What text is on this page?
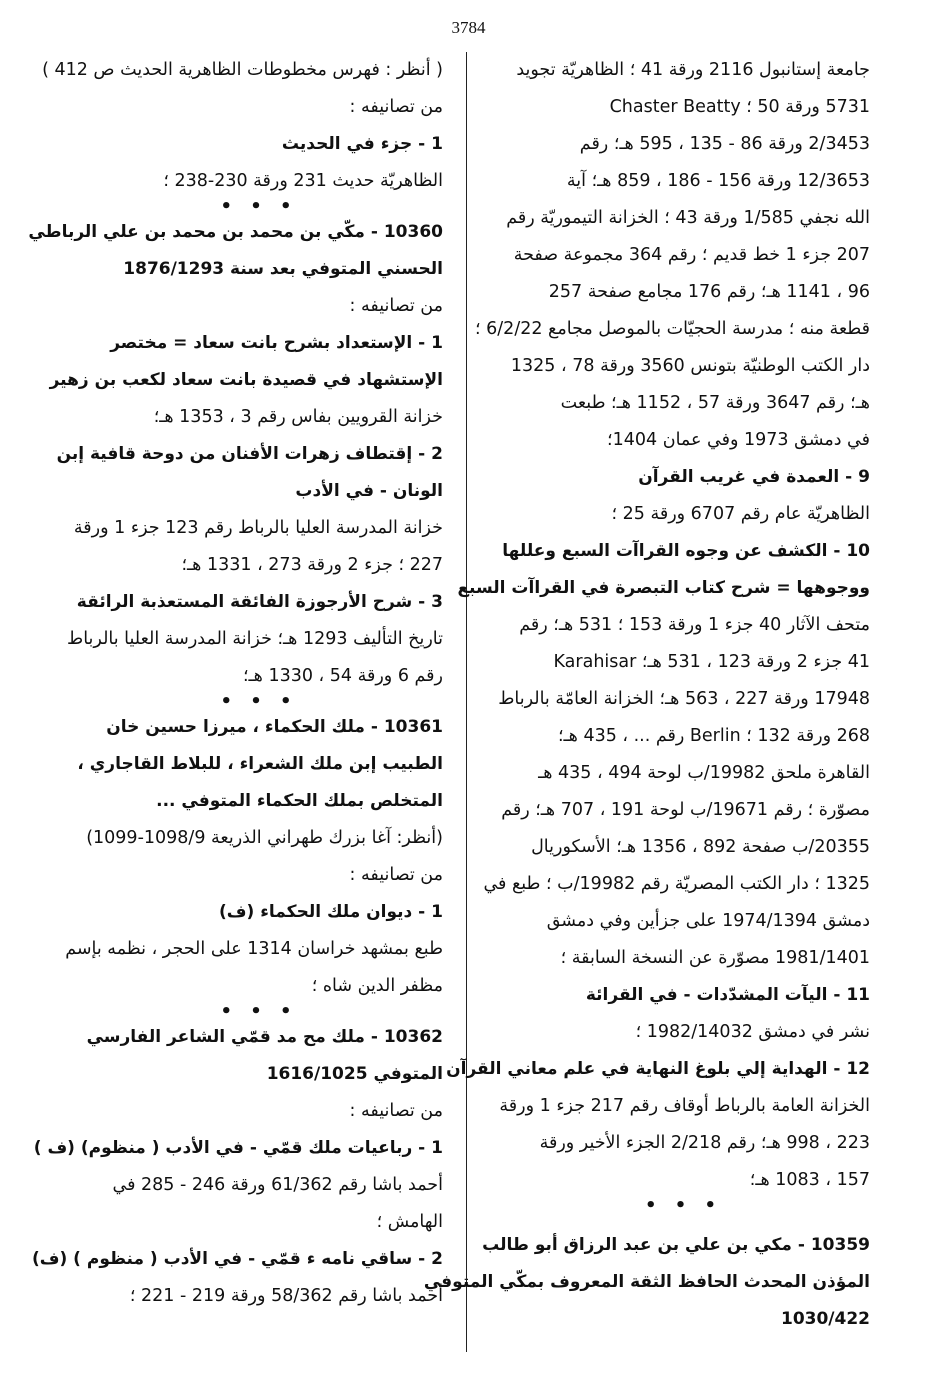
3784
جامعة إستانبول 2116 ورقة 41 ؛ الظاهريّة تجويد
5731 ورقة 50 ؛ Chaster Beatty
2/3453 ورقة 86 - 135 ، 595 هـ؛ رقم
12/3653 ورقة 156 - 186 ، 859 هـ؛ آية
الله نجفي 1/585 ورقة 43 ؛ الخزانة التيموريّة رقم
207 جزء 1 خط قديم ؛ رقم 364 مجموعة صفحة
96 ، 1141 هـ؛ رقم 176 مجامع صفحة 257
قطعة منه ؛ مدرسة الحجيّات بالموصل مجامع 6/2/22 ؛
دار الكتب الوطنيّة بتونس 3560 ورقة 78 ، 1325
هـ؛ رقم 3647 ورقة 57 ، 1152 هـ؛ طبعت
في دمشق 1973 وفي عمان 1404؛
9 - العمدة في غريب القرآن
الظاهريّة عام رقم 6707 ورقة 25 ؛
10 - الكشف عن وجوه القراآت السبع وعللها
ووجوهها = شرح كتاب التبصرة في القراآت السبع
متحف الآثار 40 جزء 1 ورقة 153 ؛ 531 هـ؛ رقم
41 جزء 2 ورقة 123 ، 531 هـ؛ Karahisar
17948 ورقة 227 ، 563 هـ؛ الخزانة العامّة بالرباط
268 ورقة 132 ؛ Berlin رقم ... ، 435 هـ؛
القاهرة ملحق 19982/ب لوحة 494 ، 435 هـ
مصوّرة ؛ رقم 19671/ب لوحة 191 ، 707 هـ؛ رقم
20355/ب صفحة 892 ، 1356 هـ؛ الأسكوريال
1325 ؛ دار الكتب المصريّة رقم 19982/ب ؛ طبع في
دمشق 1974/1394 على جزأين وفي دمشق
1981/1401 مصوّرة عن النسخة السابقة ؛
11 - اليآت المشدّدات - في القرائة
نشر في دمشق 1982/14032 ؛
12 - الهداية إلي بلوغ النهاية في علم معاني القرآن
الخزانة العامة بالرباط أوقاف رقم 217 جزء 1 ورقة
223 ، 998 هـ؛ رقم 2/218 الجزء الأخير ورقة
157 ، 1083 هـ؛
• • •
10359 - مكي بن علي بن عبد الرزاق أبو طالب
المؤذن المحدث الحافظ الثقة المعروف بمكّي المتوفي
1030/422
( أنظر : فهرس مخطوطات الظاهرية الحديث ص 412 )
من تصانيفه :
1 - جزء في الحديث
الظاهريّة حديث 231 ورقة 230-238 ؛
• • •
10360 - مكّي بن محمد بن محمد بن علي الرباطي
الحسني المتوفي بعد سنة 1876/1293
من تصانيفه :
1 - الإستعداد بشرح بانت سعاد = مختصر
الإستشهاد في قصيدة بانت سعاد لكعب بن زهير
خزانة القرويين بفاس رقم 3 ، 1353 هـ؛
2 - إقتطاف زهرات الأفنان من دوحة قافية إبن
الونان - في الأدب
خزانة المدرسة العليا بالرباط رقم 123 جزء 1 ورقة
227 ؛ جزء 2 ورقة 273 ، 1331 هـ؛
3 - شرح الأرجوزة الفائقة المستعذبة الرائقة
تاريخ التأليف 1293 هـ؛ خزانة المدرسة العليا بالرباط
رقم 6 ورقة 54 ، 1330 هـ؛
• • •
10361 - ملك الحكماء ، ميرزا حسين خان
الطبيب إبن ملك الشعراء ، للبلاط القاجاري ،
المتخلص بملك الحكماء المتوفي ...
(أنظر: آغا بزرك طهراني الذريعة 1098/9-1099)
من تصانيفه :
1 - ديوان ملك الحكماء (ف)
طبع بمشهد خراسان 1314 على الحجر ، نظمه بإسم
مظفر الدين شاه ؛
• • •
10362 - ملك مح مد قمّي الشاعر الفارسي
المتوفي 1616/1025
من تصانيفه :
1 - رباعيات ملك قمّي - في الأدب ( منظوم) (ف )
أحمد باشا رقم 61/362 ورقة 246 - 285 في
الهامش ؛
2 - ساقي نامه ء قمّي - في الأدب ( منظوم ) (ف)
أحمد باشا رقم 58/362 ورقة 219 - 221 ؛
